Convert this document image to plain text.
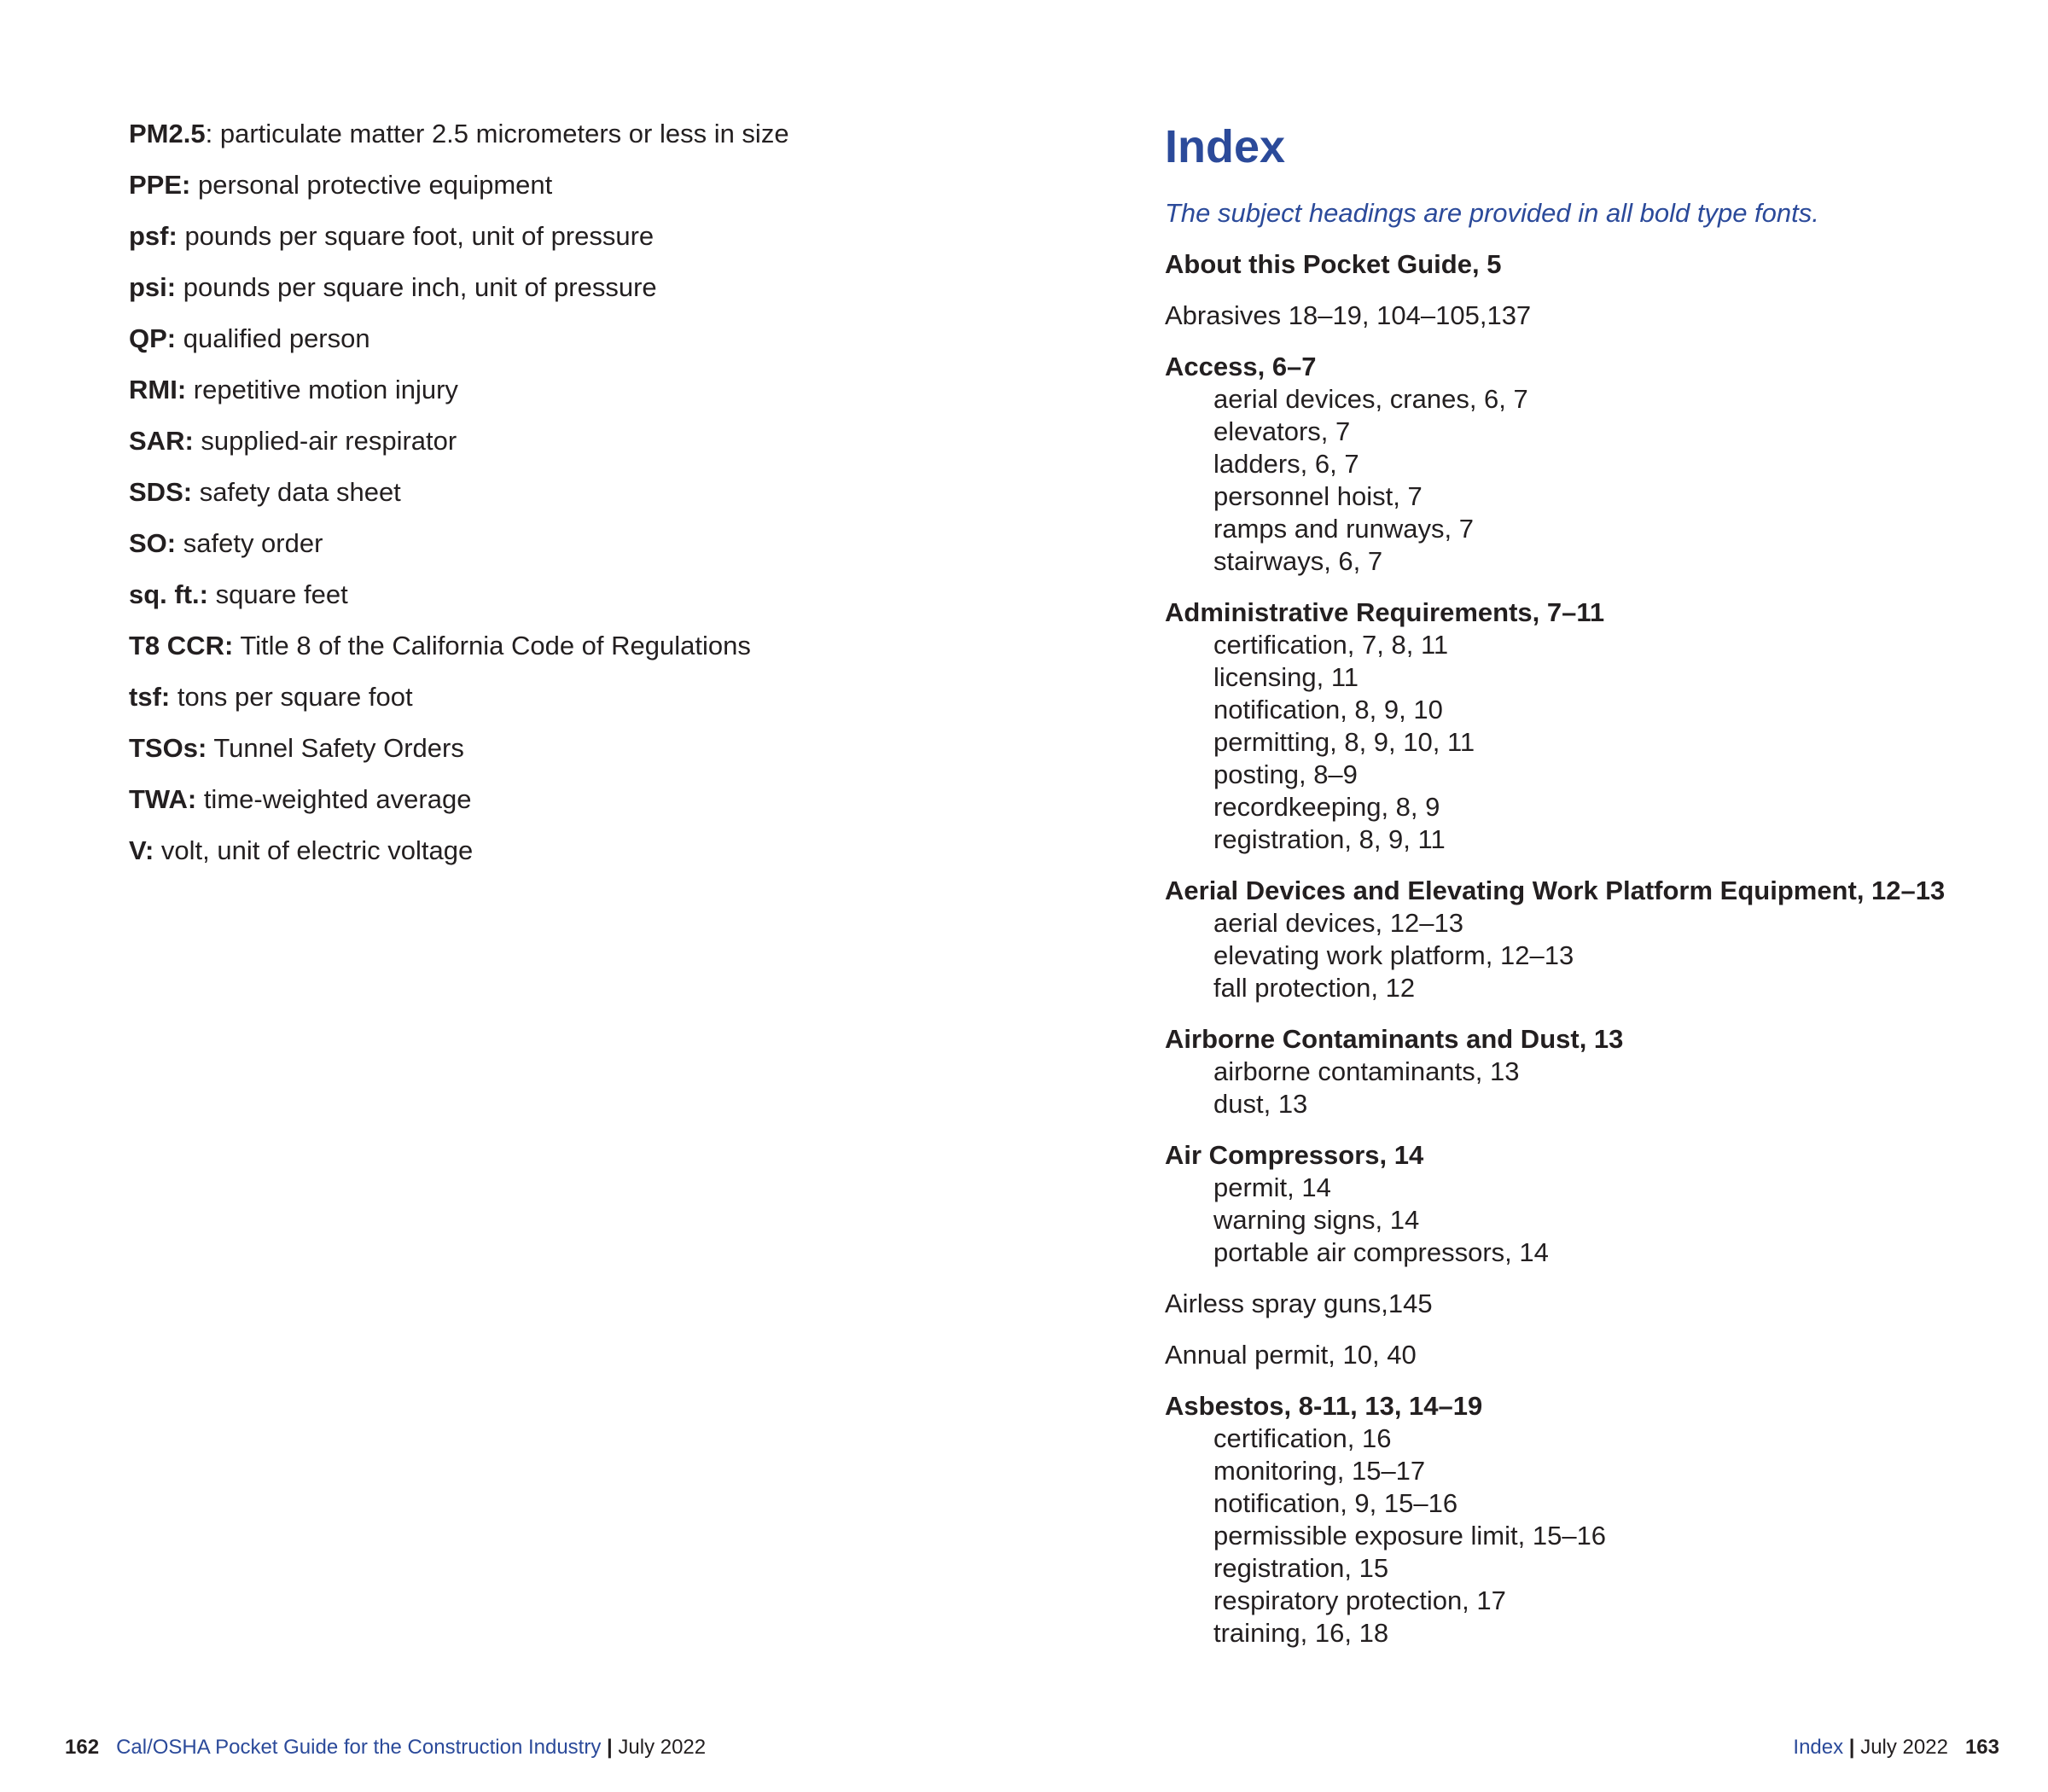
PM2.5: particulate matter 2.5 micrometers or less in size
PPE: personal protective equipment
psf: pounds per square foot, unit of pressure
psi: pounds per square inch, unit of pressure
QP: qualified person
RMI: repetitive motion injury
SAR: supplied-air respirator
SDS: safety data sheet
SO: safety order
sq. ft.: square feet
T8 CCR: Title 8 of the California Code of Regulations
tsf: tons per square foot
TSOs: Tunnel Safety Orders
TWA: time-weighted average
V: volt, unit of electric voltage
162 Cal/OSHA Pocket Guide for the Construction Industry | July 2022
Index
The subject headings are provided in all bold type fonts.
About this Pocket Guide, 5
Abrasives 18–19, 104–105,137
Access, 6–7
aerial devices, cranes, 6, 7
elevators, 7
ladders, 6, 7
personnel hoist, 7
ramps and runways, 7
stairways, 6, 7
Administrative Requirements, 7–11
certification, 7, 8, 11
licensing, 11
notification, 8, 9, 10
permitting, 8, 9, 10, 11
posting, 8–9
recordkeeping, 8, 9
registration, 8, 9, 11
Aerial Devices and Elevating Work Platform Equipment, 12–13
aerial devices, 12–13
elevating work platform, 12–13
fall protection, 12
Airborne Contaminants and Dust, 13
airborne contaminants, 13
dust, 13
Air Compressors, 14
permit, 14
warning signs, 14
portable air compressors, 14
Airless spray guns,145
Annual permit, 10, 40
Asbestos, 8-11, 13, 14–19
certification, 16
monitoring, 15–17
notification, 9, 15–16
permissible exposure limit, 15–16
registration, 15
respiratory protection, 17
training, 16, 18
Index | July 2022 163
